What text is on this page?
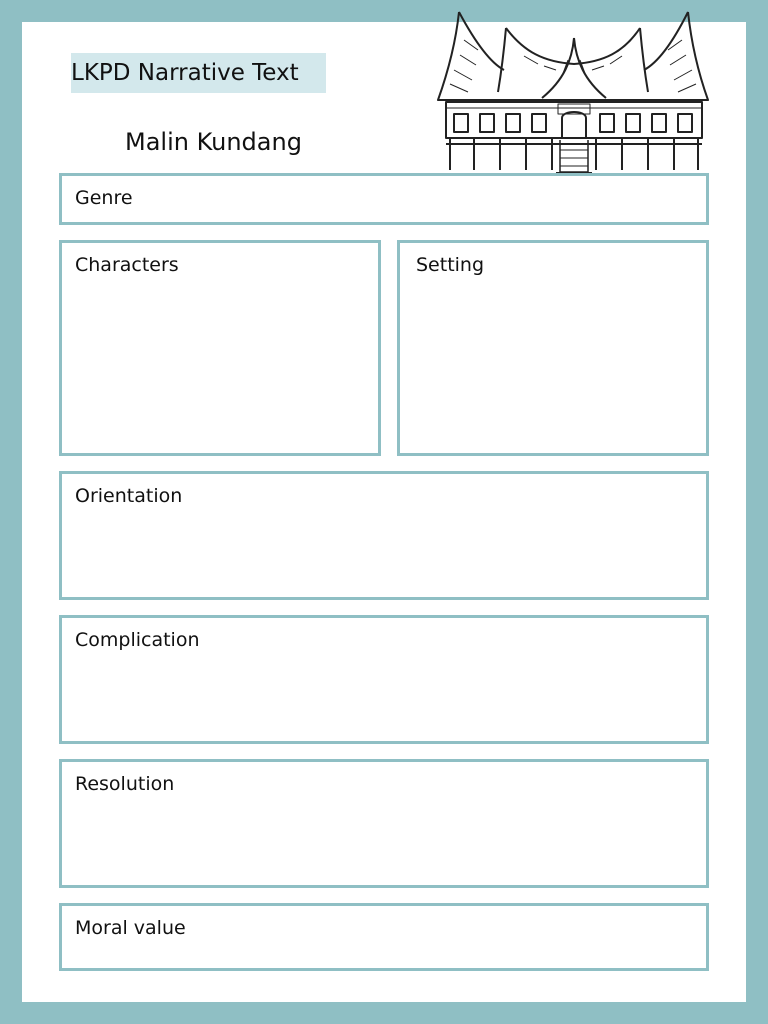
LKPD Narrative Text
Malin Kundang
Genre
Characters	Setting
Orientation
Complication
Resolution
Moral value
